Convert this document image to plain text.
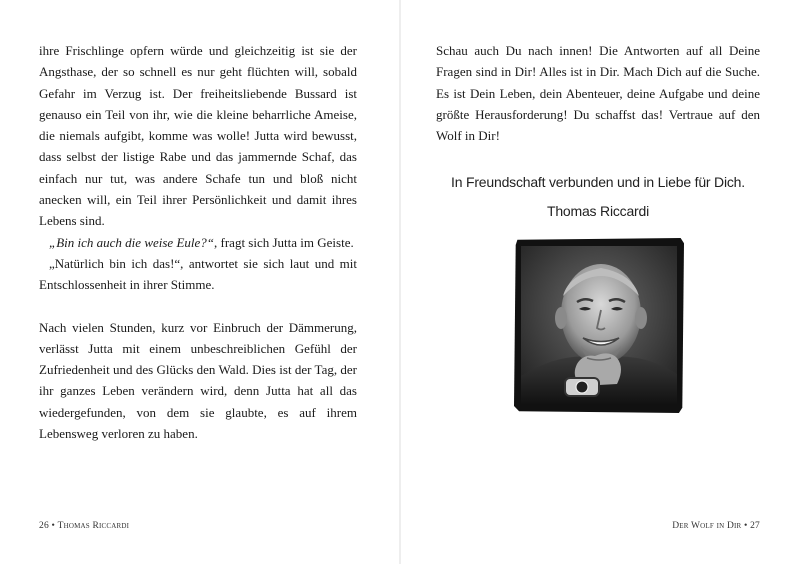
ihre Frischlinge opfern würde und gleichzeitig ist sie der Angsthase, der so schnell es nur geht flüchten will, sobald Gefahr im Verzug ist. Der freiheitsliebende Bussard ist genauso ein Teil von ihr, wie die kleine beharrliche Ameise, die niemals aufgibt, komme was wolle! Jutta wird bewusst, dass selbst der listige Rabe und das jammernde Schaf, das einfach nur tut, was andere Schafe tun und bloß nicht anecken will, ein Teil ihrer Persönlichkeit und damit ihres Lebens sind.

„Bin ich auch die weise Eule?“, fragt sich Jutta im Geiste.

„Natürlich bin ich das!“, antwortet sie sich laut und mit Entschlossenheit in ihrer Stimme.

Nach vielen Stunden, kurz vor Einbruch der Dämmerung, verlässt Jutta mit einem unbeschreiblichen Gefühl der Zufriedenheit und des Glücks den Wald. Dies ist der Tag, der ihr ganzes Leben verändern wird, denn Jutta hat all das wiedergefunden, von dem sie glaubte, es auf ihrem Lebensweg verloren zu haben.

Schau auch Du nach innen! Die Antworten auf all Deine Fragen sind in Dir! Alles ist in Dir. Mach Dich auf die Suche. Es ist Dein Leben, dein Abenteuer, deine Aufgabe und deine größte Herausforderung! Du schaffst das! Vertraue auf den Wolf in Dir!

In Freundschaft verbunden und in Liebe für Dich.
Thomas Riccardi
26 • Thomas Riccardi	Der Wolf in Dir • 27
